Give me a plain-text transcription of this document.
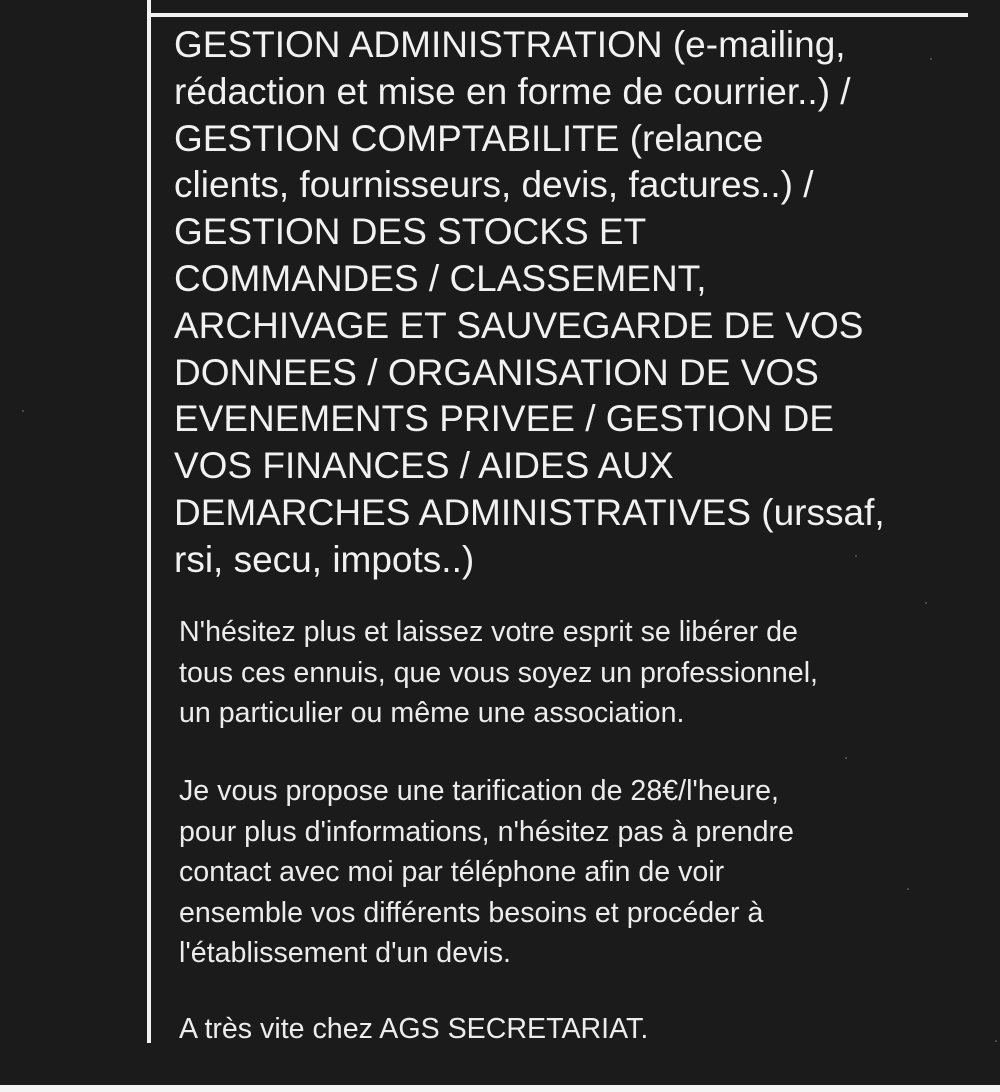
GESTION ADMINISTRATION (e-mailing,
rédaction et mise en forme de courrier..) /
GESTION COMPTABILITE (relance
clients, fournisseurs, devis, factures..) /
GESTION DES STOCKS ET
COMMANDES / CLASSEMENT,
ARCHIVAGE ET SAUVEGARDE DE VOS
DONNEES / ORGANISATION DE VOS
EVENEMENTS PRIVEE / GESTION DE
VOS FINANCES / AIDES AUX
DEMARCHES ADMINISTRATIVES (urssaf,
rsi, secu, impots..)
N'hésitez plus et laissez votre esprit se libérer de
tous ces ennuis, que vous soyez un professionnel,
un particulier ou même une association.
Je vous propose une tarification de 28€/l'heure,
pour plus d'informations, n'hésitez pas à prendre
contact avec moi par téléphone afin de voir
ensemble vos différents besoins et procéder à
l'établissement d'un devis.
A très vite chez AGS SECRETARIAT.
